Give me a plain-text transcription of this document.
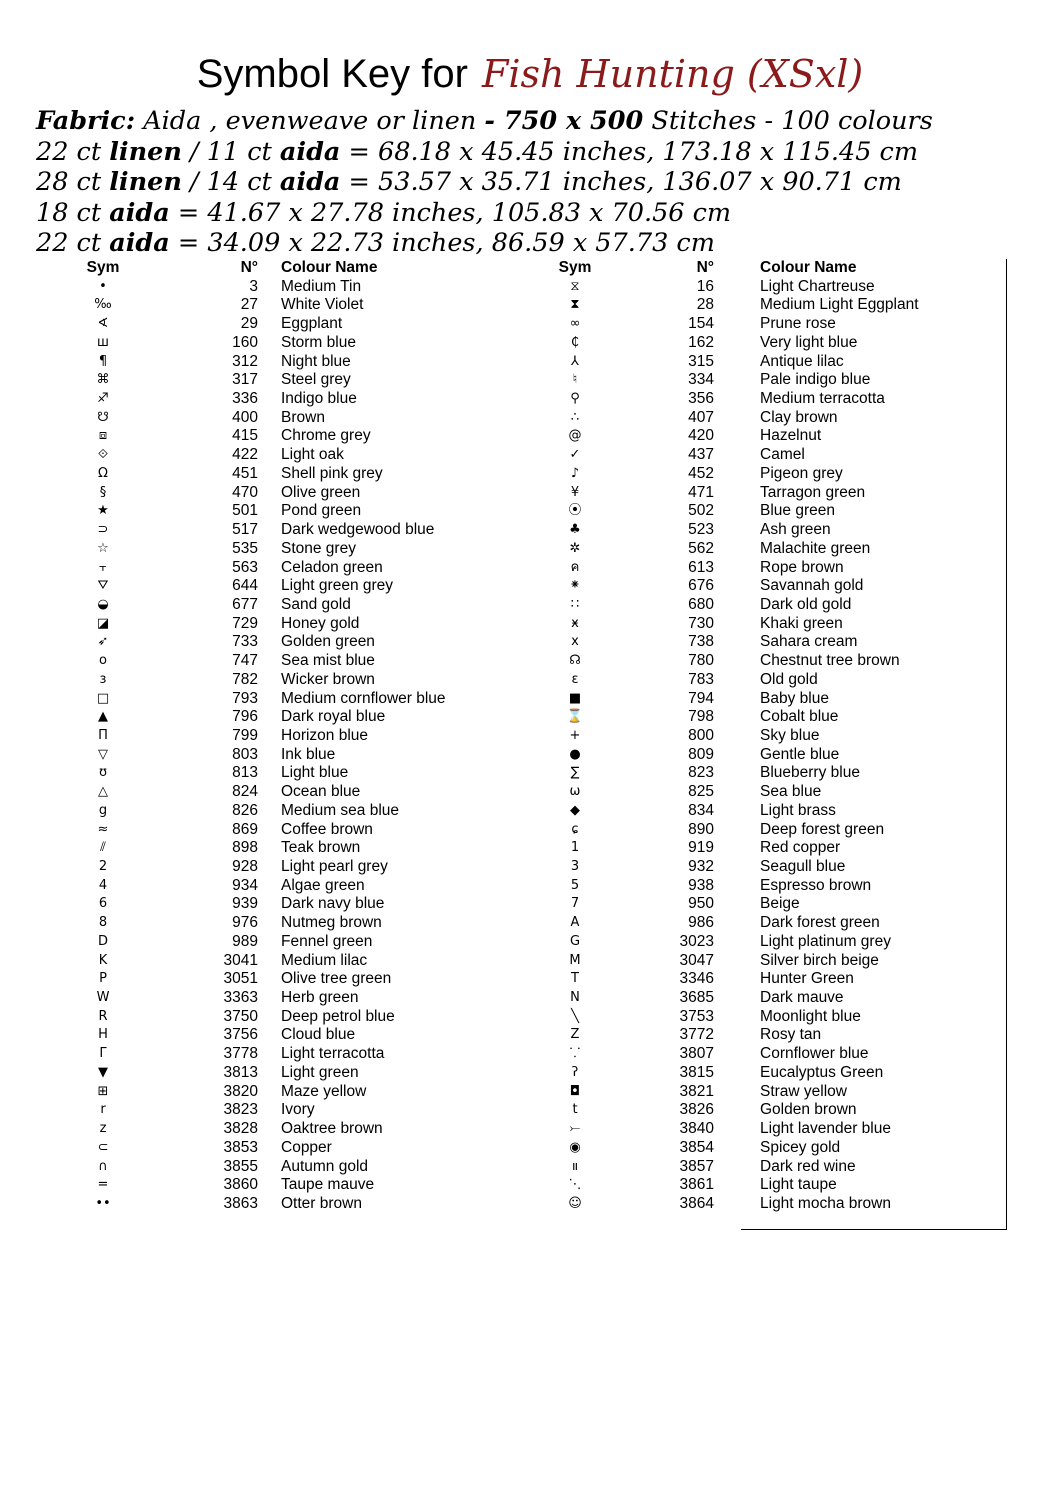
Symbol Key for Fish Hunting (XSxl)
Fabric: Aida , evenweave or linen - 750 x 500 Stitches - 100 colours
22 ct linen / 11 ct aida = 68.18 x 45.45 inches, 173.18 x 115.45 cm
28 ct linen / 14 ct aida = 53.57 x 35.71 inches, 136.07 x 90.71 cm
18 ct aida = 41.67 x 27.78 inches, 105.83 x 70.56 cm
22 ct aida = 34.09 x 22.73 inches, 86.59 x 57.73 cm
Sym	N° Colour Name
•	3 Medium Tin
‰	27 White Violet
∢	29 Eggplant
ш	160 Storm blue
¶	312 Night blue
⌘	317 Steel grey
♐	336 Indigo blue
☋	400 Brown
⧈	415 Chrome grey
⟐	422 Light oak
Ω	451 Shell pink grey
§	470 Olive green
★	501 Pond green
⊃	517 Dark wedgewood blue
☆	535 Stone grey
⫟	563 Celadon green
⛛	644 Light green grey
◒	677 Sand gold
◪	729 Honey gold
➶	733 Golden green
o	747 Sea mist blue
ɜ	782 Wicker brown
□	793 Medium cornflower blue
▲	796 Dark royal blue
Π	799 Horizon blue
▽	803 Ink blue
ʊ	813 Light blue
△	824 Ocean blue
g	826 Medium sea blue
≈	869 Coffee brown
⫽	898 Teak brown
2	928 Light pearl grey
4	934 Algae green
6	939 Dark navy blue
8	976 Nutmeg brown
D	989 Fennel green
K	3041 Medium lilac
P	3051 Olive tree green
W	3363 Herb green
R	3750 Deep petrol blue
H	3756 Cloud blue
Γ	3778 Light terracotta
▼	3813 Light green
⊞	3820 Maze yellow
r	3823 Ivory
z	3828 Oaktree brown
⊂	3853 Copper
∩	3855 Autumn gold
=	3860 Taupe mauve
••	3863 Otter brown
Sym	N°	Colour Name
⧖	16	Light Chartreuse
⧗	28	Medium Light Eggplant
∞	154	Prune rose
₵	162	Very light blue
⅄	315	Antique lilac
♮	334	Pale indigo blue
⚲	356	Medium terracotta
∴	407	Clay brown
@	420	Hazelnut
✓	437	Camel
♪	452	Pigeon grey
¥	471	Tarragon green
⦿	502	Blue green
♣	523	Ash green
✲	562	Malachite green
ค	613	Rope brown
⁕	676	Savannah gold
∷	680	Dark old gold
ӿ	730	Khaki green
x	738	Sahara cream
☊	780	Chestnut tree brown
ε	783	Old gold
■	794	Baby blue
⌛	798	Cobalt blue
+	800	Sky blue
●	809	Gentle blue
∑	823	Blueberry blue
ω	825	Sea blue
◆	834	Light brass
ɕ	890	Deep forest green
1	919	Red copper
3	932	Seagull blue
5	938	Espresso brown
7	950	Beige
A	986	Dark forest green
G	3023	Light platinum grey
M	3047	Silver birch beige
T	3346	Hunter Green
N	3685	Dark mauve
╲	3753	Moonlight blue
Z	3772	Rosy tan
⸪	3807	Cornflower blue
ʔ	3815	Eucalyptus Green
◘	3821	Straw yellow
t	3826	Golden brown
⤚	3840	Light lavender blue
◉	3854	Spicey gold
װ	3857	Dark red wine
⋱	3861	Light taupe
☺	3864	Light mocha brown
